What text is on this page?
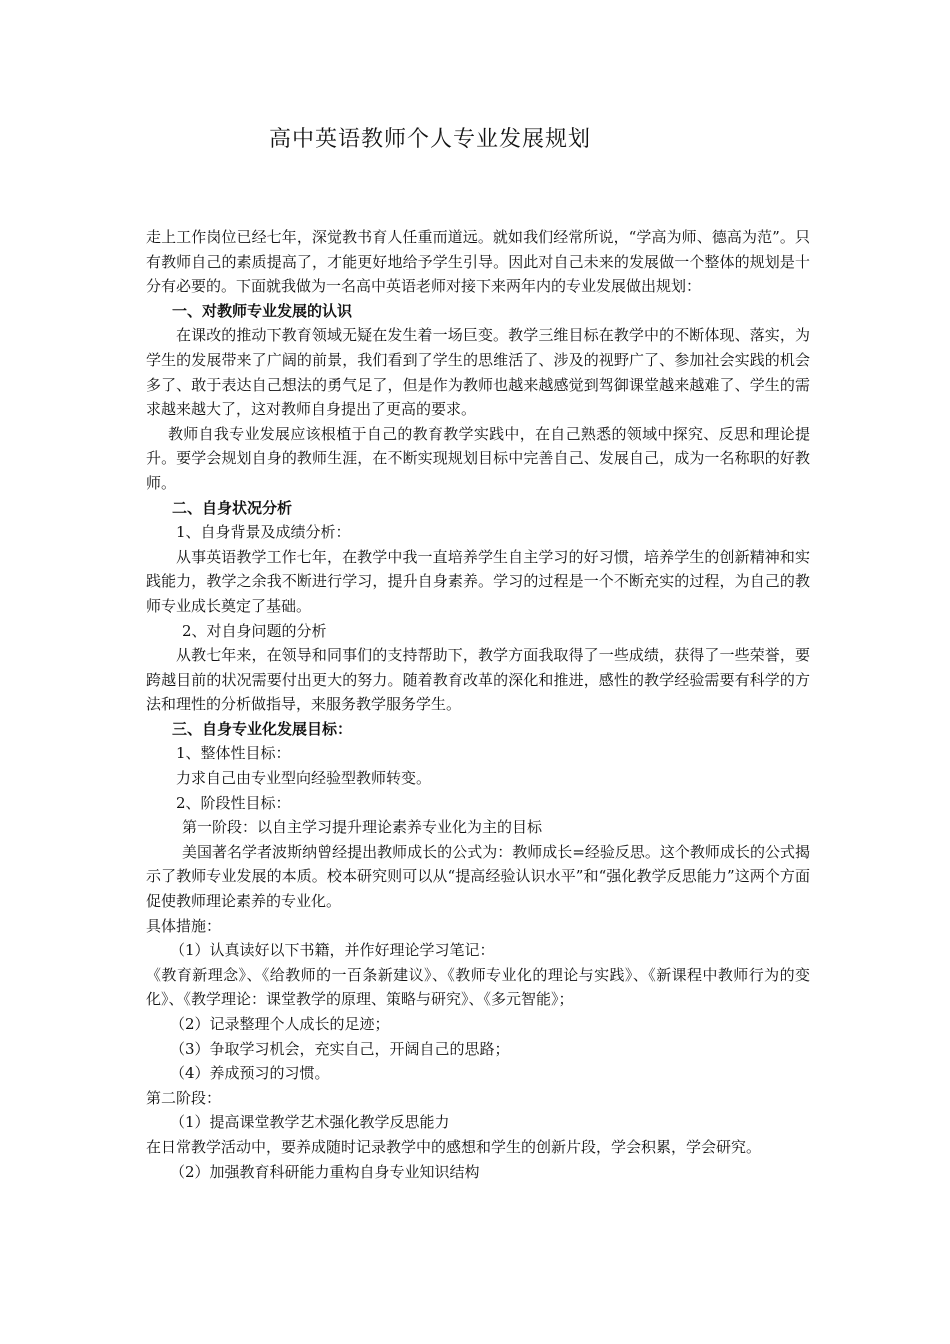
高中英语教师个人专业发展规划

走上工作岗位已经七年，深觉教书育人任重而道远。就如我们经常所说，“学高为师、德高为范”。只有教师自己的素质提高了，才能更好地给予学生引导。因此对自己未来的发展做一个整体的规划是十分有必要的。下面就我做为一名高中英语老师对接下来两年内的专业发展做出规划：

一、对教师专业发展的认识

在课改的推动下教育领域无疑在发生着一场巨变。教学三维目标在教学中的不断体现、落实，为学生的发展带来了广阔的前景，我们看到了学生的思维活了、涉及的视野广了、参加社会实践的机会多了、敢于表达自己想法的勇气足了，但是作为教师也越来越感觉到驾御课堂越来越难了、学生的需求越来越大了，这对教师自身提出了更高的要求。

教师自我专业发展应该根植于自己的教育教学实践中，在自己熟悉的领域中探究、反思和理论提升。要学会规划自身的教师生涯，在不断实现规划目标中完善自己、发展自己，成为一名称职的好教师。

二、自身状况分析

1、自身背景及成绩分析：

从事英语教学工作七年，在教学中我一直培养学生自主学习的好习惯，培养学生的创新精神和实践能力，教学之余我不断进行学习，提升自身素养。学习的过程是一个不断充实的过程，为自己的教师专业成长奠定了基础。

2、对自身问题的分析

从教七年来，在领导和同事们的支持帮助下，教学方面我取得了一些成绩，获得了一些荣誉，要跨越目前的状况需要付出更大的努力。随着教育改革的深化和推进，感性的教学经验需要有科学的方法和理性的分析做指导，来服务教学服务学生。

三、自身专业化发展目标：

1、整体性目标：

力求自己由专业型向经验型教师转变。

2、阶段性目标：

第一阶段：以自主学习提升理论素养专业化为主的目标

美国著名学者波斯纳曾经提出教师成长的公式为：教师成长=经验反思。这个教师成长的公式揭示了教师专业发展的本质。校本研究则可以从“提高经验认识水平”和“强化教学反思能力”这两个方面促使教师理论素养的专业化。

具体措施：

（1）认真读好以下书籍，并作好理论学习笔记：

《教育新理念》、《给教师的一百条新建议》、《教师专业化的理论与实践》、《新课程中教师行为的变化》、《教学理论：课堂教学的原理、策略与研究》、《多元智能》；

（2）记录整理个人成长的足迹；

（3）争取学习机会，充实自己，开阔自己的思路；

（4）养成预习的习惯。

第二阶段：

（1）提高课堂教学艺术强化教学反思能力

在日常教学活动中，要养成随时记录教学中的感想和学生的创新片段，学会积累，学会研究。

（2）加强教育科研能力重构自身专业知识结构
